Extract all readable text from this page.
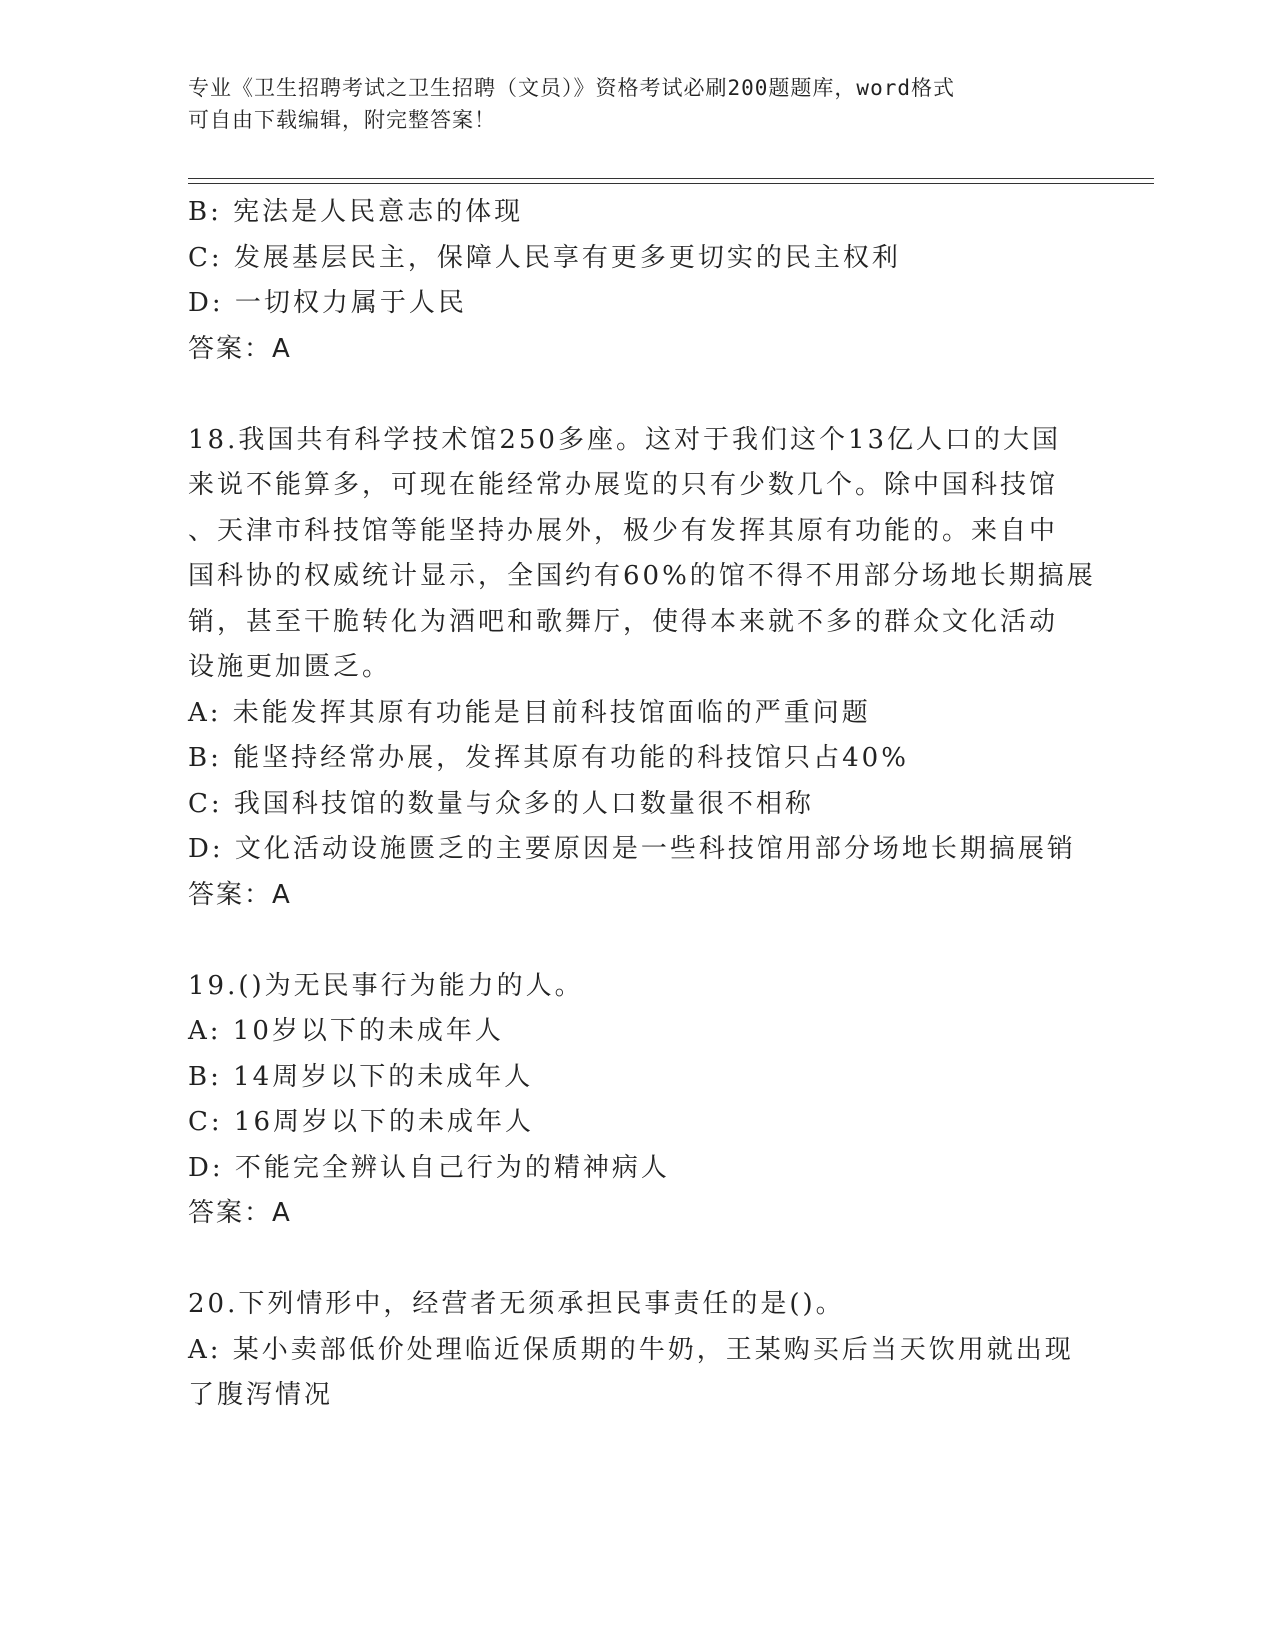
专业《卫生招聘考试之卫生招聘（文员）》资格考试必刷200题题库，word格式
可自由下载编辑，附完整答案！
B: 宪法是人民意志的体现
C: 发展基层民主，保障人民享有更多更切实的民主权利
D: 一切权力属于人民
答案：A
18.我国共有科学技术馆250多座。这对于我们这个13亿人口的大国
来说不能算多，可现在能经常办展览的只有少数几个。除中国科技馆
、天津市科技馆等能坚持办展外，极少有发挥其原有功能的。来自中
国科协的权威统计显示，全国约有60%的馆不得不用部分场地长期搞展
销，甚至干脆转化为酒吧和歌舞厅，使得本来就不多的群众文化活动
设施更加匮乏。
A: 未能发挥其原有功能是目前科技馆面临的严重问题
B: 能坚持经常办展，发挥其原有功能的科技馆只占40%
C: 我国科技馆的数量与众多的人口数量很不相称
D: 文化活动设施匮乏的主要原因是一些科技馆用部分场地长期搞展销
答案：A
19.()为无民事行为能力的人。
A: 10岁以下的未成年人
B: 14周岁以下的未成年人
C: 16周岁以下的未成年人
D: 不能完全辨认自己行为的精神病人
答案：A
20.下列情形中，经营者无须承担民事责任的是()。
A: 某小卖部低价处理临近保质期的牛奶，王某购买后当天饮用就出现
了腹泻情况
